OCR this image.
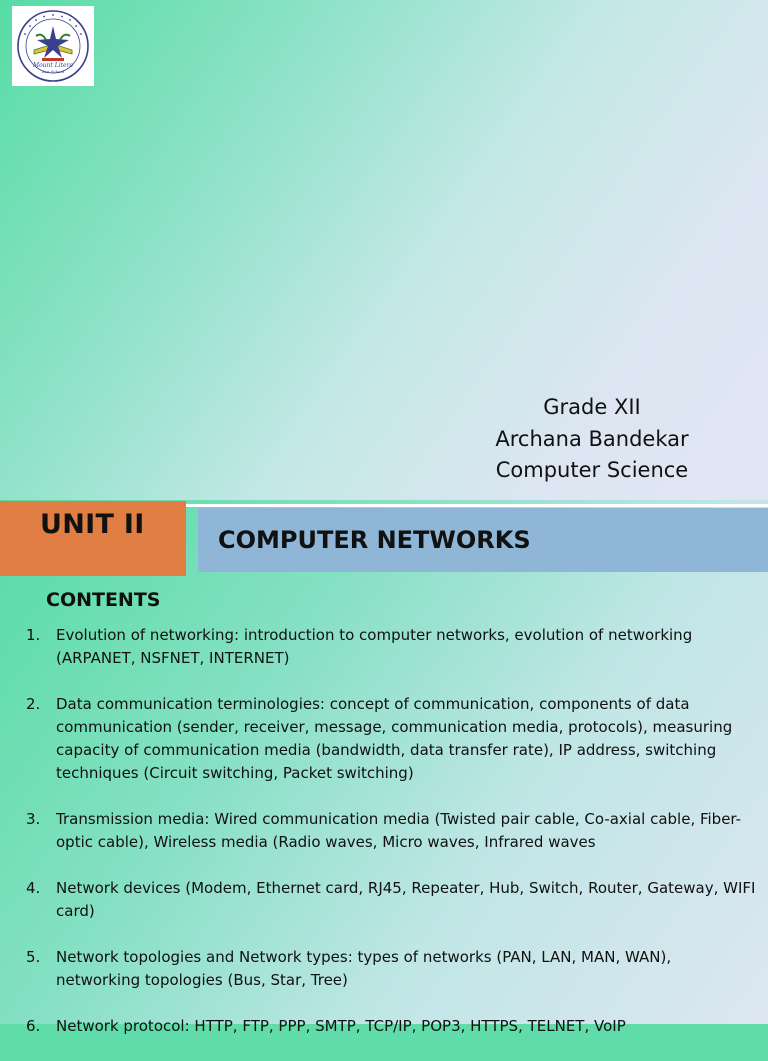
Mount Litera
Zee School
Grade XII
Archana Bandekar
Computer Science
UNIT II	COMPUTER NETWORKS
CONTENTS
1. Evolution of networking: introduction to computer networks, evolution of networking (ARPANET, NSFNET, INTERNET)
2. Data communication terminologies: concept of communication, components of data communication (sender, receiver, message, communication media, protocols), measuring capacity of communication media (bandwidth, data transfer rate), IP address, switching techniques (Circuit switching, Packet switching)
3. Transmission media: Wired communication media (Twisted pair cable, Co-axial cable, Fiber-optic cable), Wireless media (Radio waves, Micro waves, Infrared waves
4. Network devices (Modem, Ethernet card, RJ45, Repeater, Hub, Switch, Router, Gateway, WIFI card)
5. Network topologies and Network types: types of networks (PAN, LAN, MAN, WAN), networking topologies (Bus, Star, Tree)
6. Network protocol: HTTP, FTP, PPP, SMTP, TCP/IP, POP3, HTTPS, TELNET, VoIP
